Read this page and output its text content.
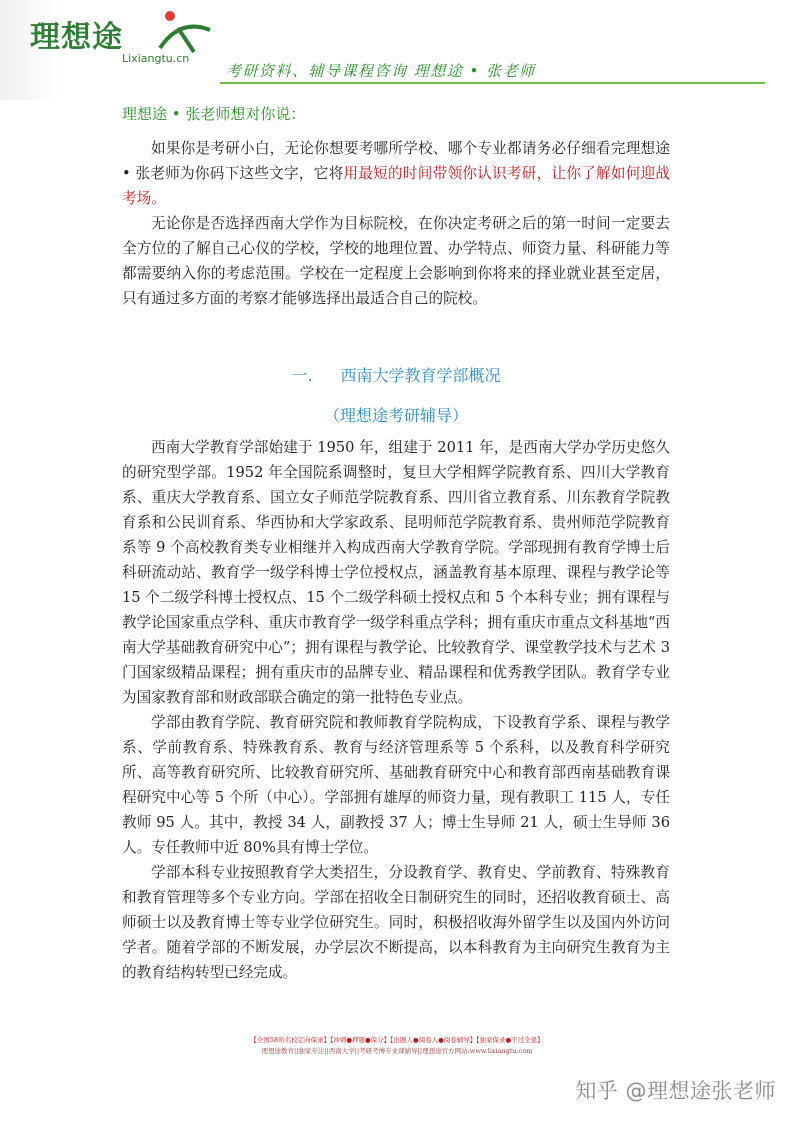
理想途
Lixiangtu.cn
考研资料、辅导课程咨询 理想途 • 张老师
理想途 • 张老师想对你说：

如果你是考研小白，无论你想要考哪所学校、哪个专业都请务必仔细看完理想途 • 张老师为你码下这些文字，它将用最短的时间带领你认识考研，让你了解如何迎战考场。

无论你是否选择西南大学作为目标院校，在你决定考研之后的第一时间一定要去全方位的了解自己心仪的学校，学校的地理位置、办学特点、师资力量、科研能力等都需要纳入你的考虑范围。学校在一定程度上会影响到你将来的择业就业甚至定居，只有通过多方面的考察才能够选择出最适合自己的院校。

一. 西南大学教育学部概况
（理想途考研辅导）

西南大学教育学部始建于 1950 年，组建于 2011 年，是西南大学办学历史悠久的研究型学部。1952 年全国院系调整时，复旦大学相辉学院教育系、四川大学教育系、重庆大学教育系、国立女子师范学院教育系、四川省立教育系、川东教育学院教育系和公民训育系、华西协和大学家政系、昆明师范学院教育系、贵州师范学院教育系等 9 个高校教育类专业相继并入构成西南大学教育学院。学部现拥有教育学博士后科研流动站、教育学一级学科博士学位授权点，涵盖教育基本原理、课程与教学论等 15 个二级学科博士授权点、15 个二级学科硕士授权点和 5 个本科专业；拥有课程与教学论国家重点学科、重庆市教育学一级学科重点学科；拥有重庆市重点文科基地“西南大学基础教育研究中心”；拥有课程与教学论、比较教育学、课堂教学技术与艺术 3 门国家级精品课程；拥有重庆市的品牌专业、精品课程和优秀教学团队。教育学专业为国家教育部和财政部联合确定的第一批特色专业点。

学部由教育学院、教育研究院和教师教育学院构成，下设教育学系、课程与教学系、学前教育系、特殊教育系、教育与经济管理系等 5 个系科，以及教育科学研究所、高等教育研究所、比较教育研究所、基础教育研究中心和教育部西南基础教育课程研究中心等 5 个所（中心）。学部拥有雄厚的师资力量，现有教职工 115 人，专任教师 95 人。其中，教授 34 人，副教授 37 人；博士生导师 21 人，硕士生导师 36 人。专任教师中近 80%具有博士学位。

学部本科专业按照教育学大类招生，分设教育学、教育史、学前教育、特殊教育和教育管理等多个专业方向。学部在招收全日制研究生的同时，还招收教育硕士、高师硕士以及教育博士等专业学位研究生。同时，积极招收海外留学生以及国内外访问学者。随着学部的不断发展，办学层次不断提高，以本科教育为主向研究生教育为主的教育结构转型已经完成。

【全国58所名校定向保录】【冲刺●押题●保分】【出题人●阅卷人●阅卷辅导】【独家保录●不过全退】
理想途教育||独家专注||西南大学||考研考博专业课辅导||理想途官方网站:www.lixiangtu.com
知乎 @理想途张老师
